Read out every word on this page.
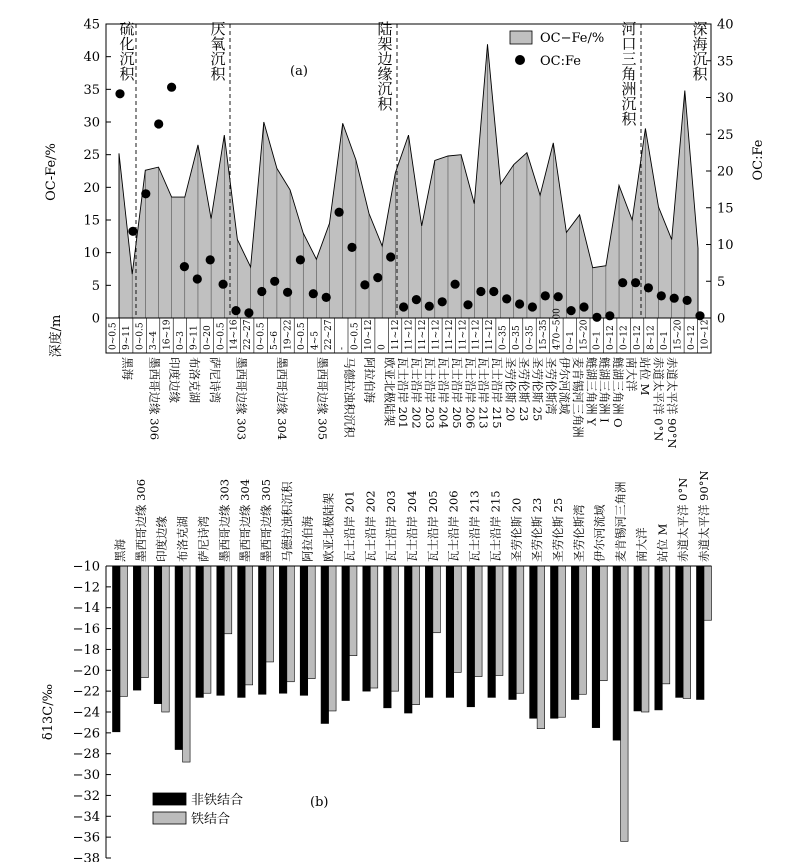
0
5
10
15
20
25
30
35
40
45
0
5
10
15
20
25
30
35
40
(a)
OC-Fe/%	OC:Fe
硫化沉积
厌氧沉积
陆架边缘沉积
河口三角洲沉积
深海沉积
OC−Fe/%
OC:Fe
0~0.5 9~11 0~0.5 3~4 16~19 0~3 9~11 0~20 0~0.5 14~16 22~27 0~0.5 5~6 19~22 0~0.5 4~5 22~27 - 0~0.5 10~12 0 11~12 11~12 11~12 11~12 11~12 11~12 11~12 11~12 0~35 0~35 0~35 15~35 470~500 0~1 15~20 0~1 0~12 0~12 0~12 8~12 0~1 15~20 0~12 10~12
深度/m
黑海 墨西哥边缘 306 印度边缘 布洛克湖 萨尼诗湾 墨西哥边缘 303 墨西哥边缘 304 墨西哥边缘 305 马德拉浊积沉积 阿拉伯海 欧亚北极陆架 瓦士沿岸 201 瓦士沿岸 202 瓦士沿岸 203 瓦士沿岸 204 瓦士沿岸 205 瓦士沿岸 206 瓦士沿岸 213 瓦士沿岸 215 圣劳伦斯 20 圣劳伦斯 23 圣劳伦斯 25 圣劳伦斯湾 伊尔河流域 麦肯锡河三角洲 鲢湖三角洲 Y 鲢湖三角洲 I 鲢湖三角洲 O 南大洋 站位 M 赤道太平洋 0°N 赤道太平洋 90°N
黑海 墨西哥边缘 306 印度边缘 布洛克湖 萨尼诗湾 墨西哥边缘 303 墨西哥边缘 304 墨西哥边缘 305 马德拉浊积沉积 阿拉伯海 欧亚北极陆架 瓦士沿岸 201 瓦士沿岸 202 瓦士沿岸 203 瓦士沿岸 204 瓦士沿岸 205 瓦士沿岸 206 瓦士沿岸 213 瓦士沿岸 215 圣劳伦斯 20 圣劳伦斯 23 圣劳伦斯 25 圣劳伦斯湾 伊尔河流域 麦肯锡河三角洲 南大洋 站位 M 赤道太平洋 0°N 赤道太平洋 90°N
−10
−12
−14
−16
−18
−20
−22
−24
−26
−28
−30
−32
−34
−36
−38
δ13C/‰
(b)
非铁结合
铁结合
